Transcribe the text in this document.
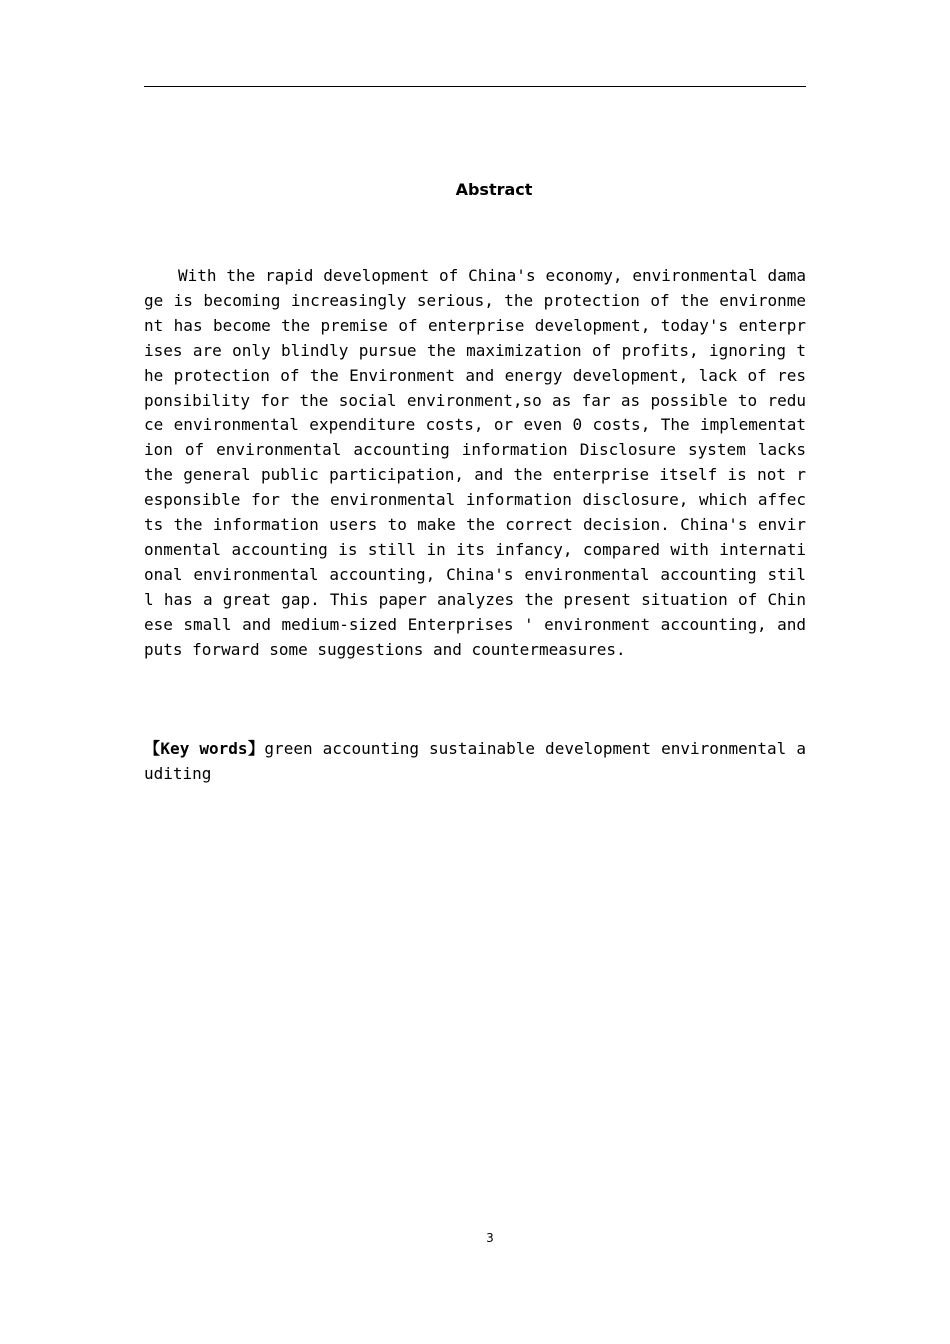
Abstract

With the rapid development of China's economy, environmental damage is becoming increasingly serious, the protection of the environment has become the premise of enterprise development, today's enterprises are only blindly pursue the maximization of profits, ignoring the protection of the Environment and energy development, lack of responsibility for the social environment,so as far as possible to reduce environmental expenditure costs, or even 0 costs, The implementation of environmental accounting information Disclosure system lacks the general public participation, and the enterprise itself is not responsible for the environmental information disclosure, which affects the information users to make the correct decision. China's environmental accounting is still in its infancy, compared with international environmental accounting, China's environmental accounting still has a great gap. This paper analyzes the present situation of Chinese small and medium-sized Enterprises ' environment accounting, and puts forward some suggestions and countermeasures.

【Key words】green accounting sustainable development environmental auditing

3
